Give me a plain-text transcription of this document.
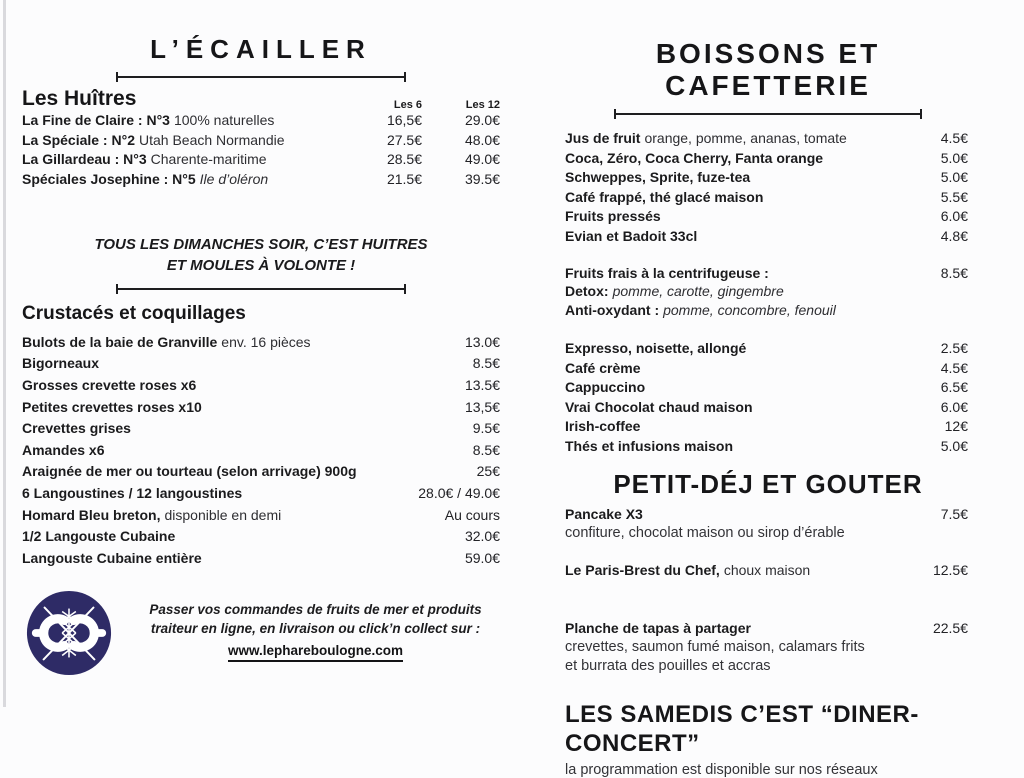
L’ÉCAILLER
Les Huîtres	Les 6	Les 12
La Fine de Claire : N°3 100% naturelles	16,5€	29.0€
La Spéciale : N°2 Utah Beach Normandie	27.5€	48.0€
La Gillardeau : N°3 Charente-maritime	28.5€	49.0€
Spéciales Josephine : N°5 Ile d’oléron	21.5€	39.5€
TOUS LES DIMANCHES SOIR, C’EST HUITRES
ET MOULES À VOLONTE !
Crustacés et coquillages
Bulots de la baie de Granville env. 16 pièces	13.0€
Bigorneaux	8.5€
Grosses crevette roses x6	13.5€
Petites crevettes roses x10	13,5€
Crevettes grises	9.5€
Amandes x6	8.5€
Araignée de mer ou tourteau (selon arrivage) 900g	25€
6 Langoustines / 12 langoustines	28.0€ / 49.0€
Homard Bleu breton, disponible en demi	Au cours
1/2 Langouste Cubaine	32.0€
Langouste Cubaine entière	59.0€
Passer vos commandes de fruits de mer et produits
traiteur en ligne, en livraison ou click’n collect sur :
www.lephareboulogne.com
BOISSONS ET CAFETTERIE
Jus de fruit orange, pomme, ananas, tomate	4.5€
Coca, Zéro, Coca Cherry, Fanta orange	5.0€
Schweppes, Sprite, fuze-tea	5.0€
Café frappé, thé glacé maison	5.5€
Fruits pressés	6.0€
Evian et Badoit 33cl	4.8€
Fruits frais à la centrifugeuse :	8.5€
Detox: pomme, carotte, gingembre
Anti-oxydant : pomme, concombre, fenouil
Expresso, noisette, allongé	2.5€
Café crème	4.5€
Cappuccino	6.5€
Vrai Chocolat chaud maison	6.0€
Irish-coffee	12€
Thés et infusions maison	5.0€
PETIT-DÉJ ET GOUTER
Pancake X3	7.5€
confiture, chocolat maison ou sirop d’érable
Le Paris-Brest du Chef, choux maison	12.5€
Planche de tapas à partager	22.5€
crevettes, saumon fumé maison, calamars frits
et burrata des pouilles et accras
LES SAMEDIS C’EST “DINER-CONCERT”
la programmation est disponible sur nos réseaux
